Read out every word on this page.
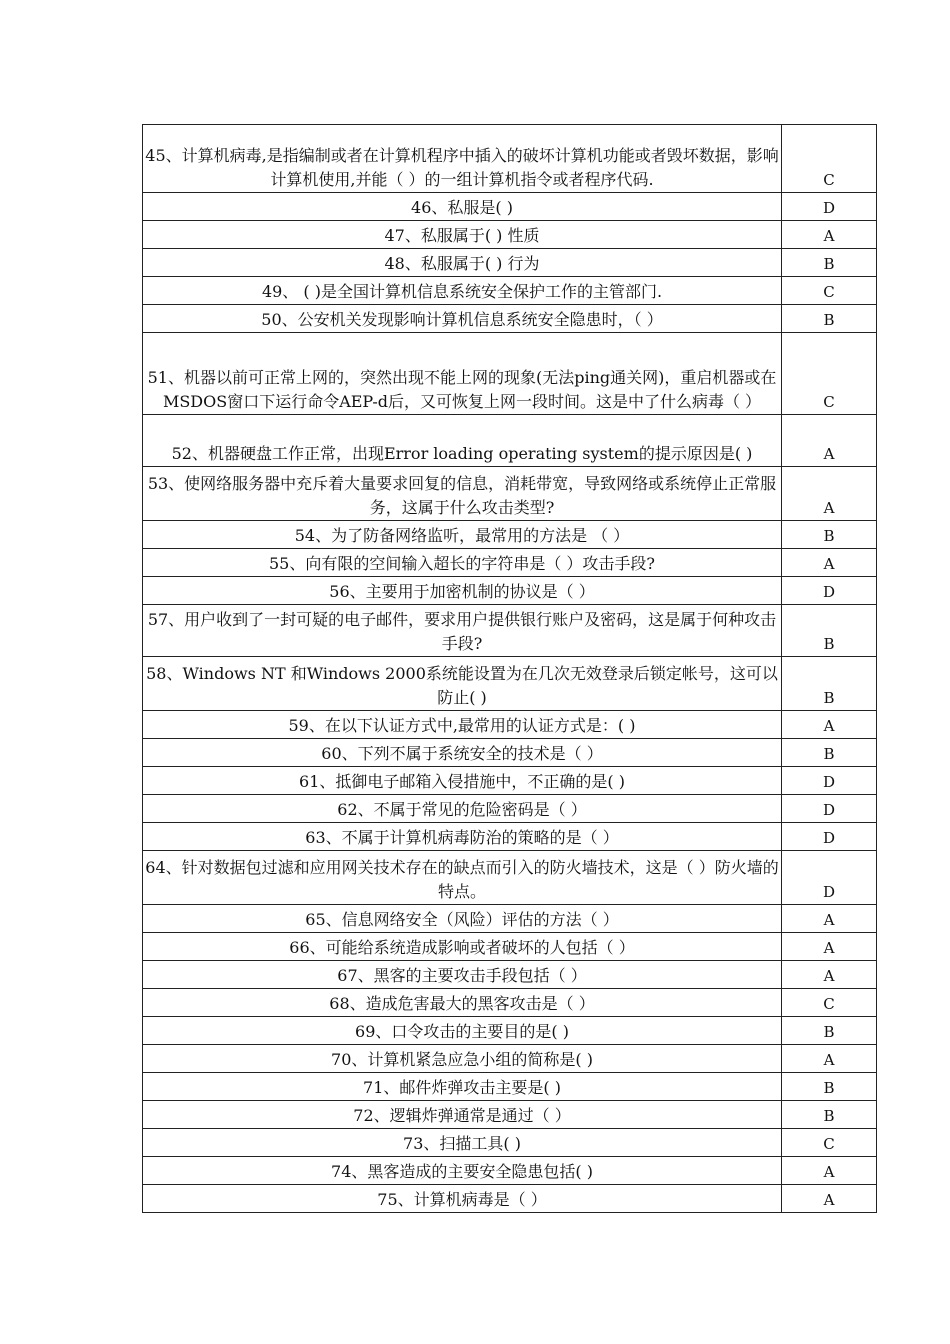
45、计算机病毒,是指编制或者在计算机程序中插入的破坏计算机功能或者毁坏数据，影响计算机使用,并能（ ）的一组计算机指令或者程序代码.	C
46、私服是( )	D
47、私服属于( ) 性质	A
48、私服属于( ) 行为	B
49、 ( )是全国计算机信息系统安全保护工作的主管部门.	C
50、公安机关发现影响计算机信息系统安全隐患时，（ ）	B
51、机器以前可正常上网的，突然出现不能上网的现象(无法ping通关网)，重启机器或在MSDOS窗口下运行命令AEP-d后，又可恢复上网一段时间。这是中了什么病毒（ ）	C
52、机器硬盘工作正常，出现Error loading operating system的提示原因是( )	A
53、使网络服务器中充斥着大量要求回复的信息，消耗带宽，导致网络或系统停止正常服务，这属于什么攻击类型?	A
54、为了防备网络监听，最常用的方法是 （ ）	B
55、向有限的空间输入超长的字符串是（ ）攻击手段?	A
56、主要用于加密机制的协议是（ ）	D
57、用户收到了一封可疑的电子邮件，要求用户提供银行账户及密码，这是属于何种攻击手段?	B
58、Windows NT 和Windows 2000系统能设置为在几次无效登录后锁定帐号，这可以防止( )	B
59、在以下认证方式中,最常用的认证方式是：( )	A
60、下列不属于系统安全的技术是（ ）	B
61、抵御电子邮箱入侵措施中，不正确的是( )	D
62、不属于常见的危险密码是（ ）	D
63、不属于计算机病毒防治的策略的是（ ）	D
64、针对数据包过滤和应用网关技术存在的缺点而引入的防火墙技术，这是（ ）防火墙的特点。	D
65、信息网络安全（风险）评估的方法（ ）	A
66、可能给系统造成影响或者破坏的人包括（ ）	A
67、黑客的主要攻击手段包括（ ）	A
68、造成危害最大的黑客攻击是（ ）	C
69、口令攻击的主要目的是( )	B
70、计算机紧急应急小组的简称是( )	A
71、邮件炸弹攻击主要是( )	B
72、逻辑炸弹通常是通过（ ）	B
73、扫描工具( )	C
74、黑客造成的主要安全隐患包括( )	A
75、计算机病毒是（ ）	A
